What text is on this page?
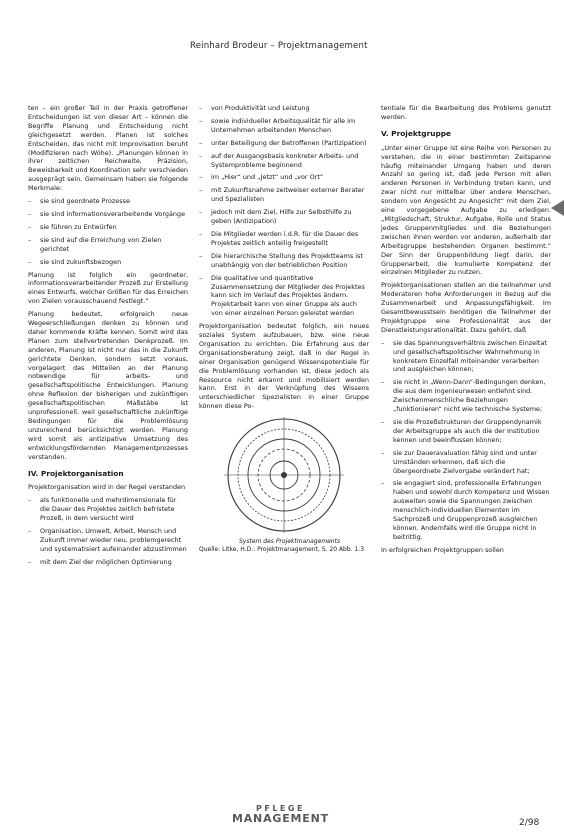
Reinhard Brodeur – Projektmanagement

ten – ein großer Teil in der Praxis getroffener Entscheidungen ist von dieser Art – können die Begriffe Planung und Entscheidung nicht gleichgesetzt werden. Planen ist solches Entscheiden, das nicht mit Improvisation beruht (Modifizieren nach Wöhe). „Planungen können in ihrer zeitlichen Reichweite, Präzision, Beweisbarkeit und Koordination sehr verschieden ausgeprägt sein. Gemeinsam haben sie folgende Merkmale:

– sie sind geordnete Prozesse
– sie sind informationsverarbeitende Vorgänge
– sie führen zu Entwürfen
– sie sind auf die Erreichung von Zielen gerichtet
– sie sind zukunftsbezogen

Planung ist folglich ein geordneter, informationsverarbeitender Prozeß zur Erstellung eines Entwurfs, welcher Größen für das Erreichen von Zielen vorausschauend festlegt.“

Planung bedeutet, erfolgreich neue Wegeerschließungen denken zu können und daher kommende Kräfte kennen. Somit wird das Planen zum stellvertretenden Denkprozeß. Im anderen, Planung ist nicht nur das in die Zukunft gerichtete Denken, sondern setzt voraus, vorgelagert das Mitteilen an der Planung notwendige für arbeits- und gesellschaftspolitische Entwicklungen. Planung ohne Reflexion der bisherigen und zukünftigen gesellschaftspolitischen Maßstäbe ist unprofessionell, weil gesellschaftliche zukünftige Bedingungen für die Problemlösung unzureichend berücksichtigt werden. Planung wird somit als antizipative Umsetzung des entwicklungsfördernden Managementprozesses verstanden.

IV. Projektorganisation

Projektorganisation wird in der Regel verstanden

– als funktionelle und mehrdimensionale für die Dauer des Projektes zeitlich befristete Prozeß, in dem versucht wird
– Organisation, Umwelt, Arbeit, Mensch und Zukunft immer wieder neu, problemgerecht und systematisiert aufeinander abzustimmen
– mit dem Ziel der möglichen Optimierung
– von Produktivität und Leistung
– sowie individueller Arbeitsqualität für alle im Unternehmen arbeitenden Menschen
– unter Beteiligung der Betroffenen (Partizipation)
– auf der Ausgangsbasis konkreter Arbeits- und Systemprobleme beginnend
– im „Hier“ und „Jetzt“ und „vor Ort“
– mit Zukunftsnahme zeitweiser externer Berater und Spezialisten
– jedoch mit dem Ziel, Hilfe zur Selbsthilfe zu geben (Antizipation)
– Die Mitglieder werden i.d.R. für die Dauer des Projektes zeitlich anteilig freigestellt
– Die hierarchische Stellung des Projektteams ist unabhängig von der betrieblichen Position
– Die qualitative und quantitative Zusammensetzung der Mitglieder des Projektes kann sich im Verlauf des Projektes ändern. Projektarbeit kann von einer Gruppe als auch von einer einzelnen Person geleistet werden

Projektorganisation bedeutet folglich, ein neues soziales System aufzubauen, bzw. eine neue Organisation zu errichten. Die Erfahrung aus der Organisationsberatung zeigt, daß in der Regel in einer Organisation genügend Wissenspotentiale für die Problemlösung vorhanden ist, diese jedoch als Ressource nicht erkannt und mobilisiert werden kann. Erst in der Verknüpfung des Wissens unterschiedlicher Spezialisten in einer Gruppe können diese Po-

System des Projektmanagements
Quelle: Litke, H.D.: Projektmanagement, S. 20 Abb. 1.3

tentiale für die Bearbeitung des Problems genutzt werden.

V. Projektgruppe

„Unter einer Gruppe ist eine Reihe von Personen zu verstehen, die in einer bestimmten Zeitspanne häufig miteinander Umgang haben und deren Anzahl so gering ist, daß jede Person mit allen anderen Personen in Verbindung treten kann, und zwar nicht nur mittelbar über andere Menschen, sondern von Angesicht zu Angesicht“ mit dem Ziel, eine vorgegebene Aufgabe zu erledigen. „Mitgliedschaft, Struktur, Aufgabe, Rolle und Status jedes Gruppenmitgliedes und die Beziehungen zwischen ihnen werden vor anderen, außerhalb der Arbeitsgruppe bestehenden Organen bestimmt.“ Der Sinn der Gruppenbildung liegt darin, der Gruppenarbeit, die kumulierte Kompetenz der einzelnen Mitglieder zu nutzen.

Projektorganisationen stellen an die teilnehmer und Moderatoren hohe Anforderungen in Bezug auf die Zusammenarbeit und Anpassungsfähigkeit. Im Gesamtbewusstsein benötigen die Teilnehmer der Projektgruppe eine Professionalität aus der Dienstleistungsrationalität. Dazu gehört, daß

– sie das Spannungsverhältnis zwischen Einzeltat und gesellschaftspolitischer Wahrnehmung in konkretem Einzelfall miteinander verarbeiten und ausgleichen können;
– sie nicht in „Wenn-Dann“-Bedingungen denken, die aus dem Ingenieurwesen entlehnt sind. Zwischenmenschliche Beziehungen „funktionieren“ nicht wie technische Systeme;
– sie die Prozeßstrukturen der Gruppendynamik der Arbeitsgruppe als auch die der Institution kennen und beeinflussen können;
– sie zur Daueravaluation fähig sind und unter Umständen erkennen, daß sich die übergeordnete Zielvorgabe verändert hat;
– sie engagiert sind, professionelle Erfahrungen haben und sowohl durch Kompetenz und Wissen ausweiten sowie die Spannungen zwischen menschlich-individuellen Elementen im Sachprozeß und Gruppenprozeß ausgleichen können. Andernfalls wird die Gruppe nicht in beitrittig.

In erfolgreichen Projektgruppen sollen

PFLEGE
MANAGEMENT	2/98
